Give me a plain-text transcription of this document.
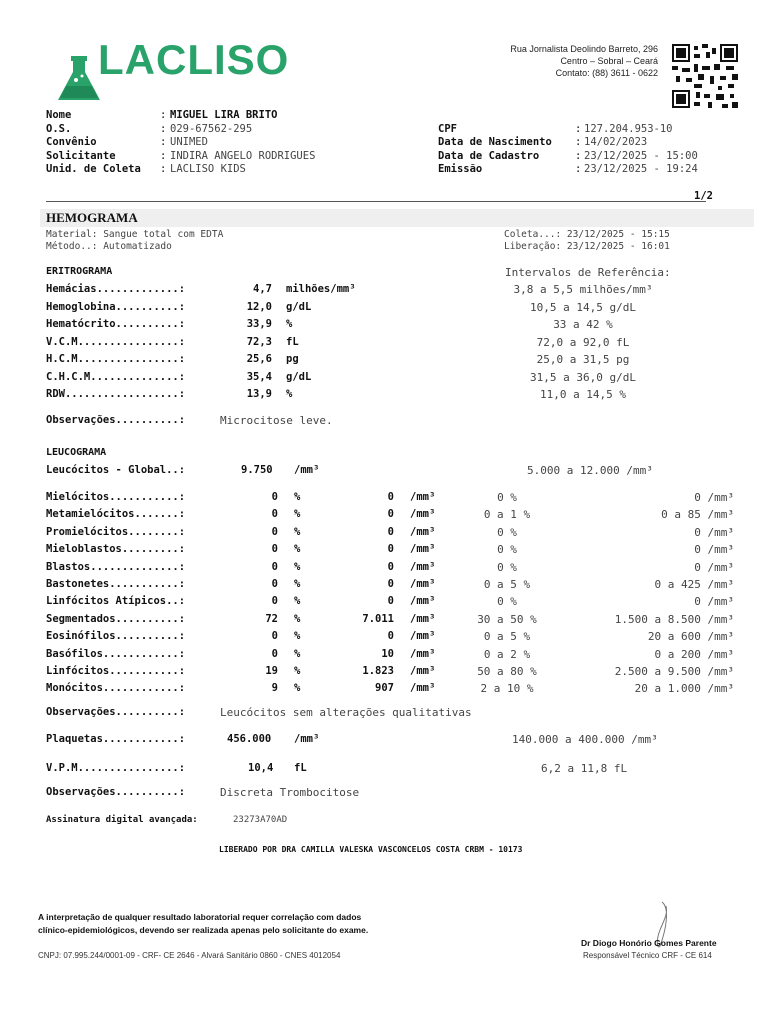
LACLISO	Rua Jornalista Deolindo Barreto, 296
Centro – Sobral – Ceará
Contato: (88) 3611 - 0622

Nome	: MIGUEL LIRA BRITO
O.S.	: 029-67562-295
Convênio	: UNIMED
Solicitante	: INDIRA ANGELO RODRIGUES
Unid. de Coleta : LACLISO KIDS
CPF	: 127.204.953-10
Data de Nascimento : 14/02/2023
Data de Cadastro	: 23/12/2025 - 15:00
Emissão	: 23/12/2025 - 19:24
1/2
HEMOGRAMA
Material: Sangue total com EDTA
Método..: Automatizado
Coleta...: 23/12/2025 - 15:15
Liberação: 23/12/2025 - 16:01
ERITROGRAMA	Intervalos de Referência:
Hemácias.............:	4,7 milhões/mm³	3,8 a 5,5 milhões/mm³
Hemoglobina..........:	12,0 g/dL	10,5 a 14,5 g/dL
Hematócrito..........:	33,9 %	33 a 42 %
V.C.M................:	72,3 fL	72,0 a 92,0 fL
H.C.M................:	25,6 pg	25,0 a 31,5 pg
C.H.C.M..............:	35,4 g/dL	31,5 a 36,0 g/dL
RDW..................:	13,9 %	11,0 a 14,5 %
Observações..........:	Microcitose leve.
LEUCOGRAMA
Leucócitos - Global..:	9.750 /mm³	5.000 a 12.000 /mm³
Mielócitos...........:	0 %	0 /mm³	0 %	0 /mm³
Metamielócitos.......:	0 %	0 /mm³	0 a 1 %	0 a 85 /mm³
Promielócitos........:	0 %	0 /mm³	0 %	0 /mm³
Mieloblastos.........:	0 %	0 /mm³	0 %	0 /mm³
Blastos..............:	0 %	0 /mm³	0 %	0 /mm³
Bastonetes...........:	0 %	0 /mm³	0 a 5 %	0 a 425 /mm³
Linfócitos Atípicos..:	0 %	0 /mm³	0 %	0 /mm³
Segmentados..........:	72 %	7.011 /mm³	30 a 50 %	1.500 a 8.500 /mm³
Eosinófilos..........:	0 %	0 /mm³	0 a 5 %	20 a 600 /mm³
Basófilos............:	0 %	10 /mm³	0 a 2 %	0 a 200 /mm³
Linfócitos...........:	19 %	1.823 /mm³	50 a 80 %	2.500 a 9.500 /mm³
Monócitos............:	9 %	907 /mm³	2 a 10 %	20 a 1.000 /mm³
Observações..........:	Leucócitos sem alterações qualitativas
Plaquetas............:	456.000 /mm³	140.000 a 400.000 /mm³
V.P.M................:	10,4 fL	6,2 a 11,8 fL
Observações..........:	Discreta Trombocitose
Assinatura digital avançada:	23273A70AD
LIBERADO POR DRA CAMILLA VALESKA VASCONCELOS COSTA CRBM - 10173
A interpretação de qualquer resultado laboratorial requer correlação com dados
clínico-epidemiológicos, devendo ser realizada apenas pelo solicitante do exame.
CNPJ: 07.995.244/0001-09 - CRF- CE 2646 - Alvará Sanitário 0860 - CNES 4012054

Dr Diogo Honório Gomes Parente
Responsável Técnico CRF - CE 614
